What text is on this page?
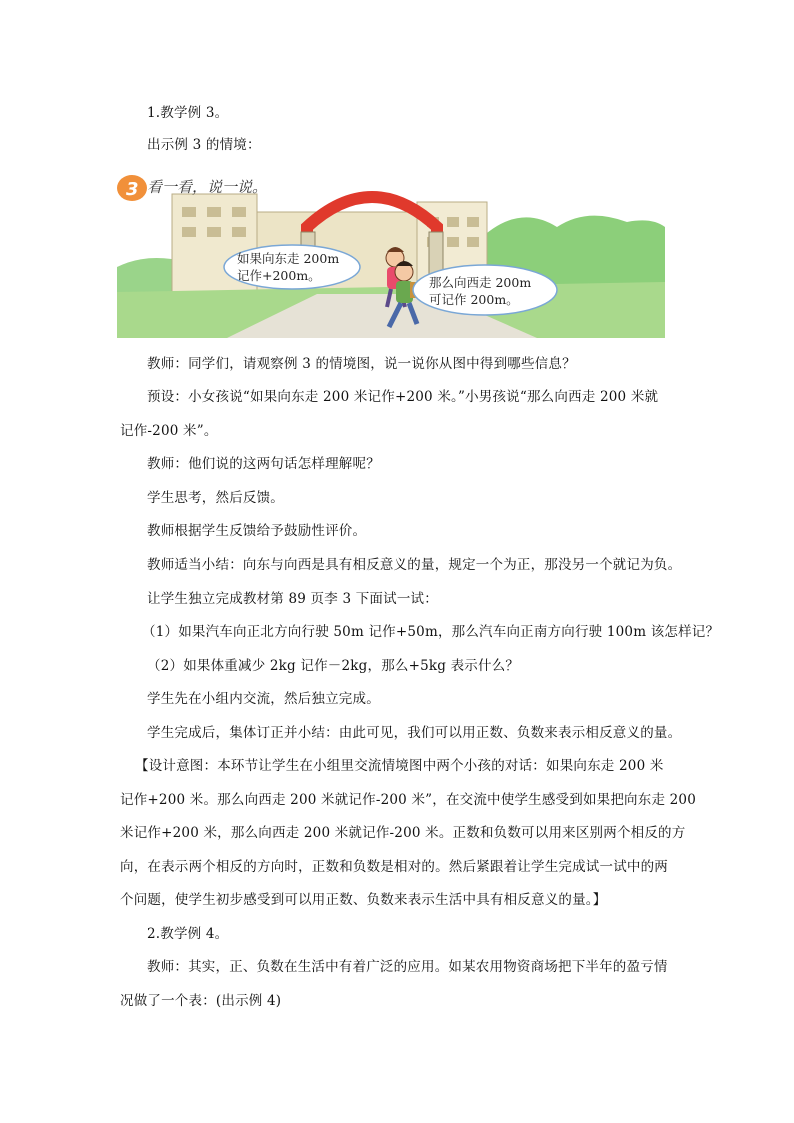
1.教学例 3。
出示例 3 的情境：
3 看一看，说一说。
如果向东走 200m
记作+200m。	那么向西走 200m
可记作 200m。
教师：同学们，请观察例 3 的情境图，说一说你从图中得到哪些信息？
预设：小女孩说“如果向东走 200 米记作+200 米。”小男孩说“那么向西走 200 米就
记作-200 米”。
教师：他们说的这两句话怎样理解呢？
学生思考，然后反馈。
教师根据学生反馈给予鼓励性评价。
教师适当小结：向东与向西是具有相反意义的量，规定一个为正，那没另一个就记为负。
让学生独立完成教材第 89 页李 3 下面试一试：
（1）如果汽车向正北方向行驶 50m 记作+50m，那么汽车向正南方向行驶 100m 该怎样记？
（2）如果体重减少 2kg 记作－2kg，那么+5kg 表示什么？
学生先在小组内交流，然后独立完成。
学生完成后，集体订正并小结：由此可见，我们可以用正数、负数来表示相反意义的量。
【设计意图：本环节让学生在小组里交流情境图中两个小孩的对话：如果向东走 200 米
记作+200 米。那么向西走 200 米就记作-200 米”，在交流中使学生感受到如果把向东走 200
米记作+200 米，那么向西走 200 米就记作-200 米。正数和负数可以用来区别两个相反的方
向，在表示两个相反的方向时，正数和负数是相对的。然后紧跟着让学生完成试一试中的两
个问题，使学生初步感受到可以用正数、负数来表示生活中具有相反意义的量。】
2.教学例 4。
教师：其实，正、负数在生活中有着广泛的应用。如某农用物资商场把下半年的盈亏情
况做了一个表：(出示例 4)
